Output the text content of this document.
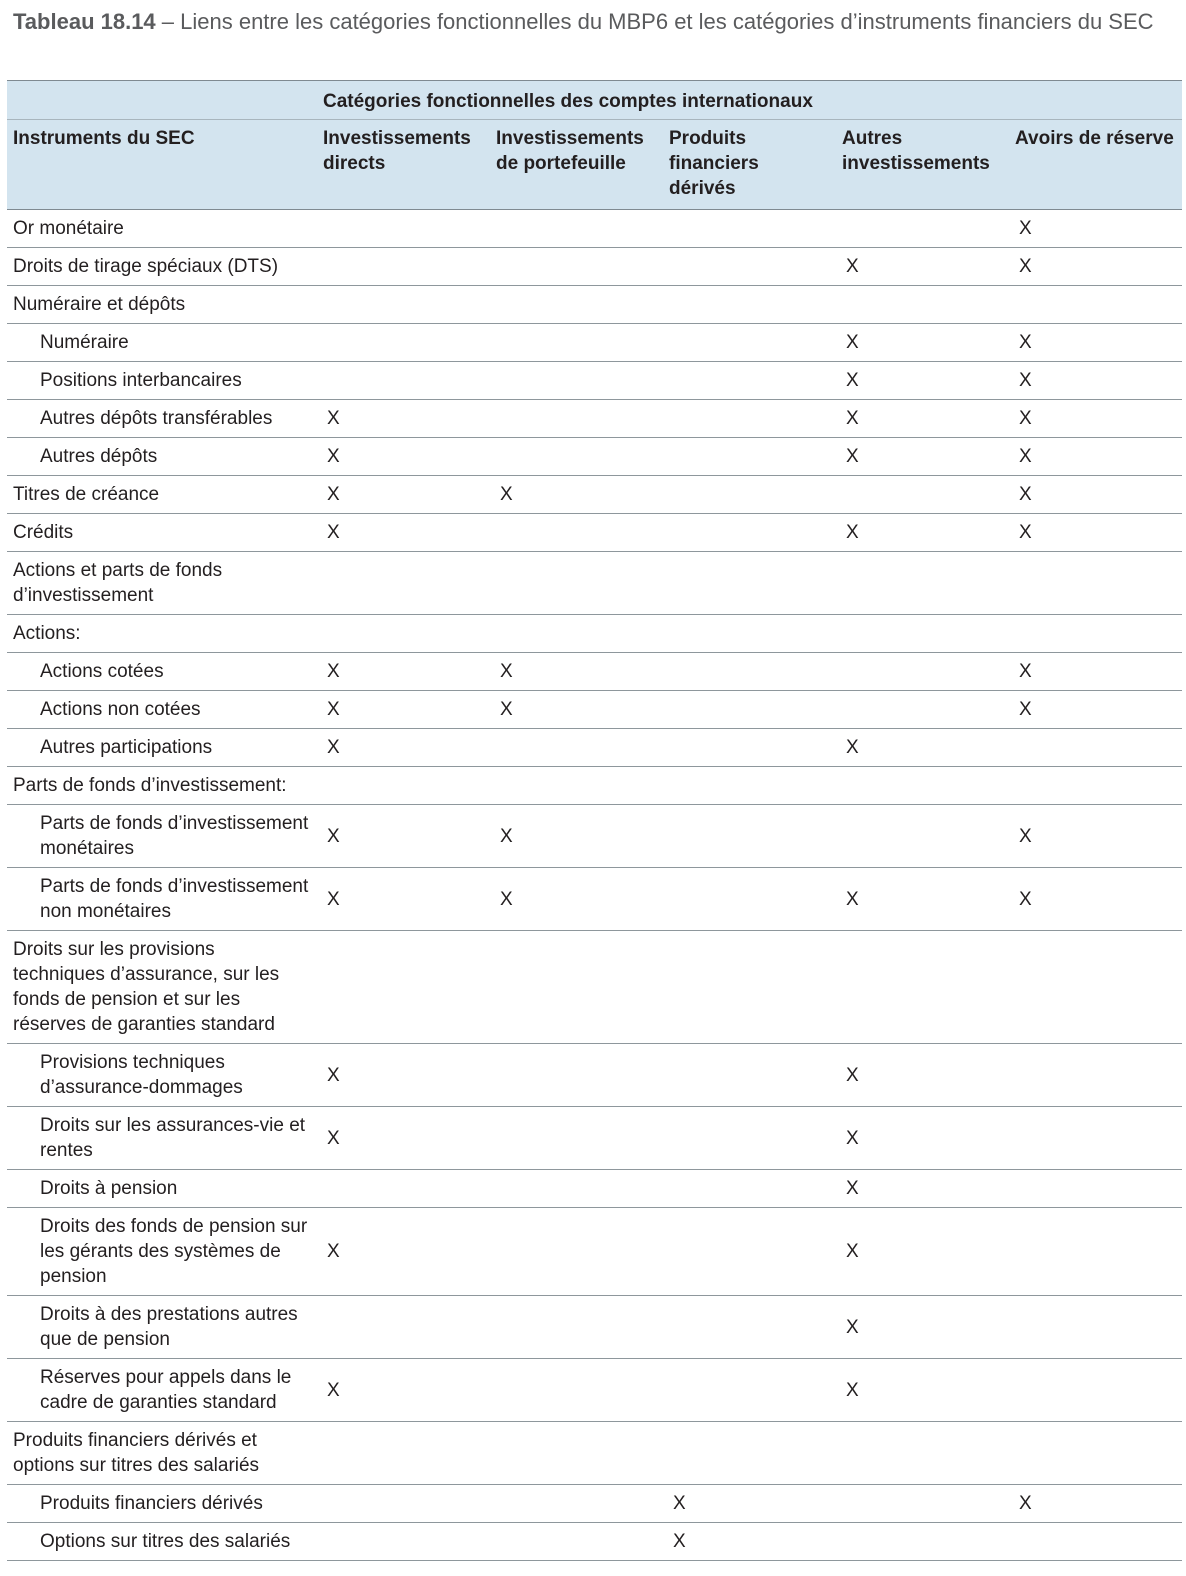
Tableau 18.14 – Liens entre les catégories fonctionnelles du MBP6 et les catégories d’instruments financiers du SEC
	Catégories fonctionnelles des comptes internationaux				
Instruments du SEC	Investissements directs	Investissements de portefeuille	Produits financiers dérivés	Autres investissements	Avoirs de réserve
Or monétaire					X
Droits de tirage spéciaux (DTS)				X	X
Numéraire et dépôts					
Numéraire				X	X
Positions interbancaires				X	X
Autres dépôts transférables	X			X	X
Autres dépôts	X			X	X
Titres de créance	X	X			X
Crédits	X			X	X
Actions et parts de fonds d’investissement					
Actions:					
Actions cotées	X	X			X
Actions non cotées	X	X			X
Autres participations	X			X	
Parts de fonds d’investissement:					
Parts de fonds d’investissement monétaires	X	X			X
Parts de fonds d’investissement non monétaires	X	X		X	X
Droits sur les provisions techniques d’assurance, sur les fonds de pension et sur les réserves de garanties standard					
Provisions techniques d’assurance-dommages	X			X	
Droits sur les assurances-vie et rentes	X			X	
Droits à pension				X	
Droits des fonds de pension sur les gérants des systèmes de pension	X			X	
Droits à des prestations autres que de pension				X	
Réserves pour appels dans le cadre de garanties standard	X			X	
Produits financiers dérivés et options sur titres des salariés					
Produits financiers dérivés			X		X
Options sur titres des salariés			X		
